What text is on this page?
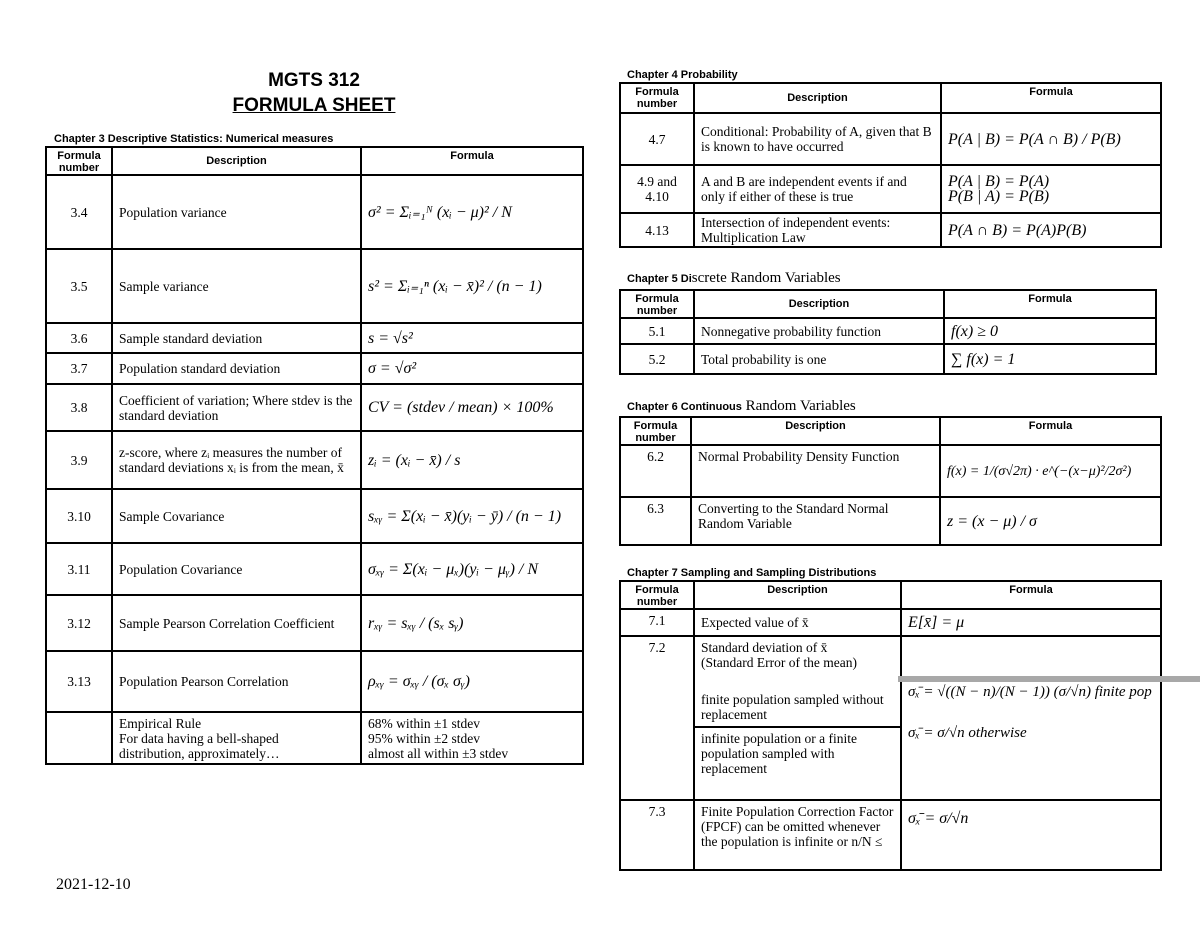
MGTS 312
FORMULA SHEET
Chapter 3 Descriptive Statistics: Numerical measures
Formula number	Description	Formula
3.4	Population variance	σ² = Σᵢ₌₁ᴺ (xᵢ − μ)² / N
3.5	Sample variance	s² = Σᵢ₌₁ⁿ (xᵢ − x̄)² / (n − 1)
3.6	Sample standard deviation	s = √s²
3.7	Population standard deviation	σ = √σ²
3.8	Coefficient of variation; Where stdev is the standard deviation	CV = (stdev / mean) × 100%
3.9	z-score, where zᵢ measures the number of standard deviations xᵢ is from the mean, x̄	zᵢ = (xᵢ − x̄) / s
3.10	Sample Covariance	sₓᵧ = Σ(xᵢ − x̄)(yᵢ − ȳ) / (n − 1)
3.11	Population Covariance	σₓᵧ = Σ(xᵢ − μₓ)(yᵢ − μᵧ) / N
3.12	Sample Pearson Correlation Coefficient	rₓᵧ = sₓᵧ / (sₓ sᵧ)
3.13	Population Pearson Correlation	ρₓᵧ = σₓᵧ / (σₓ σᵧ)

	Empirical Rule
For data having a bell-shaped
distribution, approximately…	68% within ±1 stdev
95% within ±2 stdev
almost all within ±3 stdev
Chapter 4 Probability
Formula number	Description	Formula
4.7	Conditional: Probability of A, given that B is known to have occurred	P(A | B) = P(A ∩ B) / P(B)
4.9 and 4.10	A and B are independent events if and only if either of these is true	P(A | B) = P(A)
P(B | A) = P(B)

4.13	Intersection of independent events: Multiplication Law	P(A ∩ B) = P(A)P(B)
Chapter 5 Discrete Random Variables
Formula number	Description	Formula
5.1	Nonnegative probability function	f(x) ≥ 0
5.2	Total probability is one	∑ f(x) = 1
Chapter 6 Continuous Random Variables
Formula number	Description	Formula
6.2	Normal Probability Density Function	f(x) = 1/(σ√2π) · e^(−(x−μ)²/2σ²)
6.3	Converting to the Standard Normal Random Variable	z = (x − μ) / σ
Chapter 7 Sampling and Sampling Distributions
Formula number	Description	Formula
7.1	Expected value of x̄	E[x̄] = μ
7.2	Standard deviation of x̄
(Standard Error of the mean)
finite population sampled without replacement
infinite population or a finite population sampled with replacement	σₓ̄ = √((N − n)/(N − 1)) (σ/√n) finite pop
σₓ̄ = σ/√n otherwise

7.3	Finite Population Correction Factor (FPCF) can be omitted whenever the population is infinite or n/N ≤	σₓ̄ = σ/√n
2021-12-10
